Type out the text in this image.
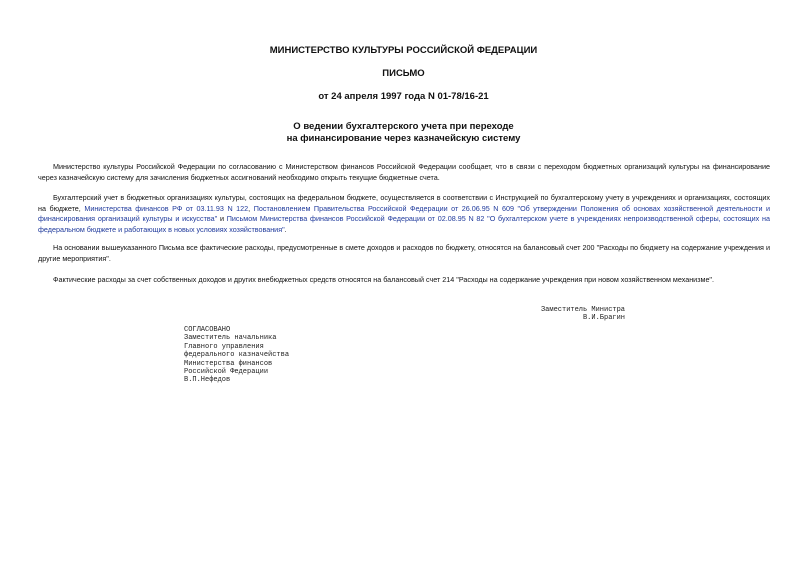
МИНИСТЕРСТВО КУЛЬТУРЫ РОССИЙСКОЙ ФЕДЕРАЦИИ
ПИСЬМО
от 24 апреля 1997 года N 01-78/16-21
О ведении бухгалтерского учета при переходе
на финансирование через казначейскую систему

Министерство культуры Российской Федерации по согласованию с Министерством финансов Российской Федерации сообщает, что в связи с переходом бюджетных организаций культуры на финансирование через казначейскую систему для зачисления бюджетных ассигнований необходимо открыть текущие бюджетные счета.

Бухгалтерский учет в бюджетных организациях культуры, состоящих на федеральном бюджете, осуществляется в соответствии с Инструкцией по бухгалтерскому учету в учреждениях и организациях, состоящих на бюджете, Министерства финансов РФ от 03.11.93 N 122, Постановлением Правительства Российской Федерации от 26.06.95 N 609 "Об утверждении Положения об основах хозяйственной деятельности и финансирования организаций культуры и искусства" и Письмом Министерства финансов Российской Федерации от 02.08.95 N 82 "О бухгалтерском учете в учреждениях непроизводственной сферы, состоящих на федеральном бюджете и работающих в новых условиях хозяйствования".

На основании вышеуказанного Письма все фактические расходы, предусмотренные в смете доходов и расходов по бюджету, относятся на балансовый счет 200 "Расходы по бюджету на содержание учреждения и другие мероприятия".

Фактические расходы за счет собственных доходов и других внебюджетных средств относятся на балансовый счет 214 "Расходы на содержание учреждения при новом хозяйственном механизме".

Заместитель Министра
В.И.Брагин
СОГЛАСОВАНО
Заместитель начальника
Главного управления
федерального казначейства
Министерства финансов
Российской Федерации
В.П.Нефедов
